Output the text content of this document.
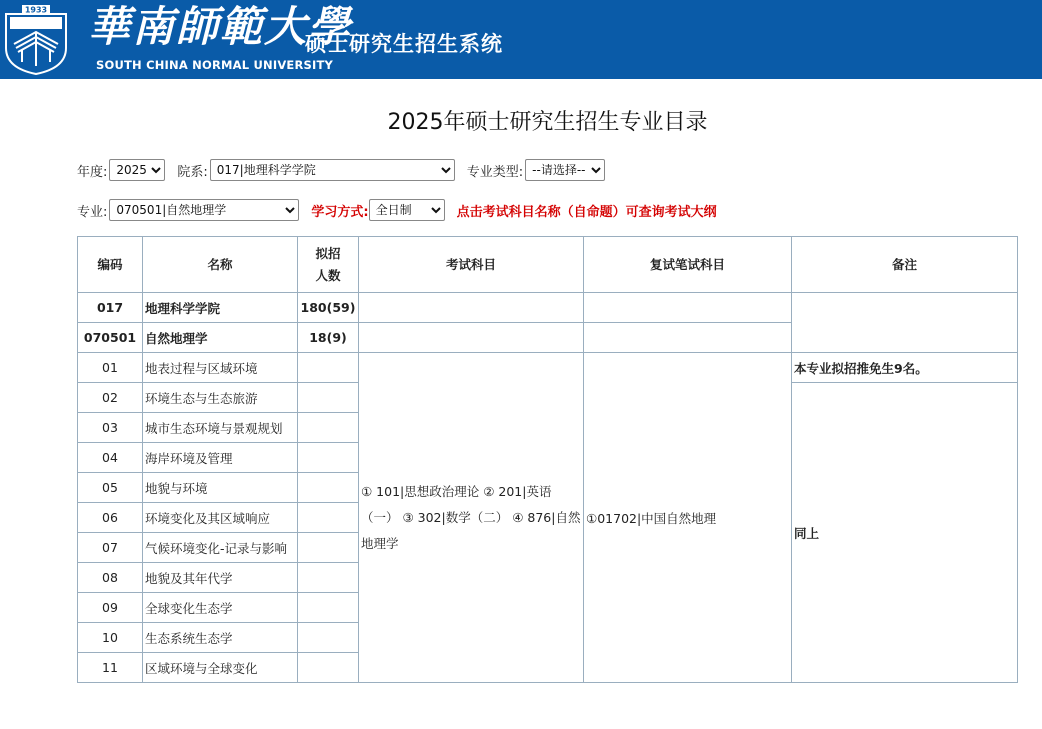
1933 華南師範大學
硕士研究生招生系统
SOUTH CHINA NORMAL UNIVERSITY
2025年硕士研究生招生专业目录
年度:
2025	院系:
017|地理科学学院	专业类型:
--请选择--
专业:
070501|自然地理学	学习方式:
全日制	点击考试科目名称（自命题）可查询考试大纲
编码	名称	拟招人数	考试科目	复试笔试科目	备注
017	地理科学学院	180(59)			
070501	自然地理学	18(9)			
01	地表过程与区域环境		① 101|思想政治理论 ② 201|英语（一） ③ 302|数学（二） ④ 876|自然地理学	①01702|中国自然地理	本专业拟招推免生9名。
02	环境生态与生态旅游				同上
03	城市生态环境与景观规划				
04	海岸环境及管理				
05	地貌与环境				
06	环境变化及其区域响应				
07	气候环境变化-记录与影响				
08	地貌及其年代学				
09	全球变化生态学				
10	生态系统生态学				
11	区域环境与全球变化				
